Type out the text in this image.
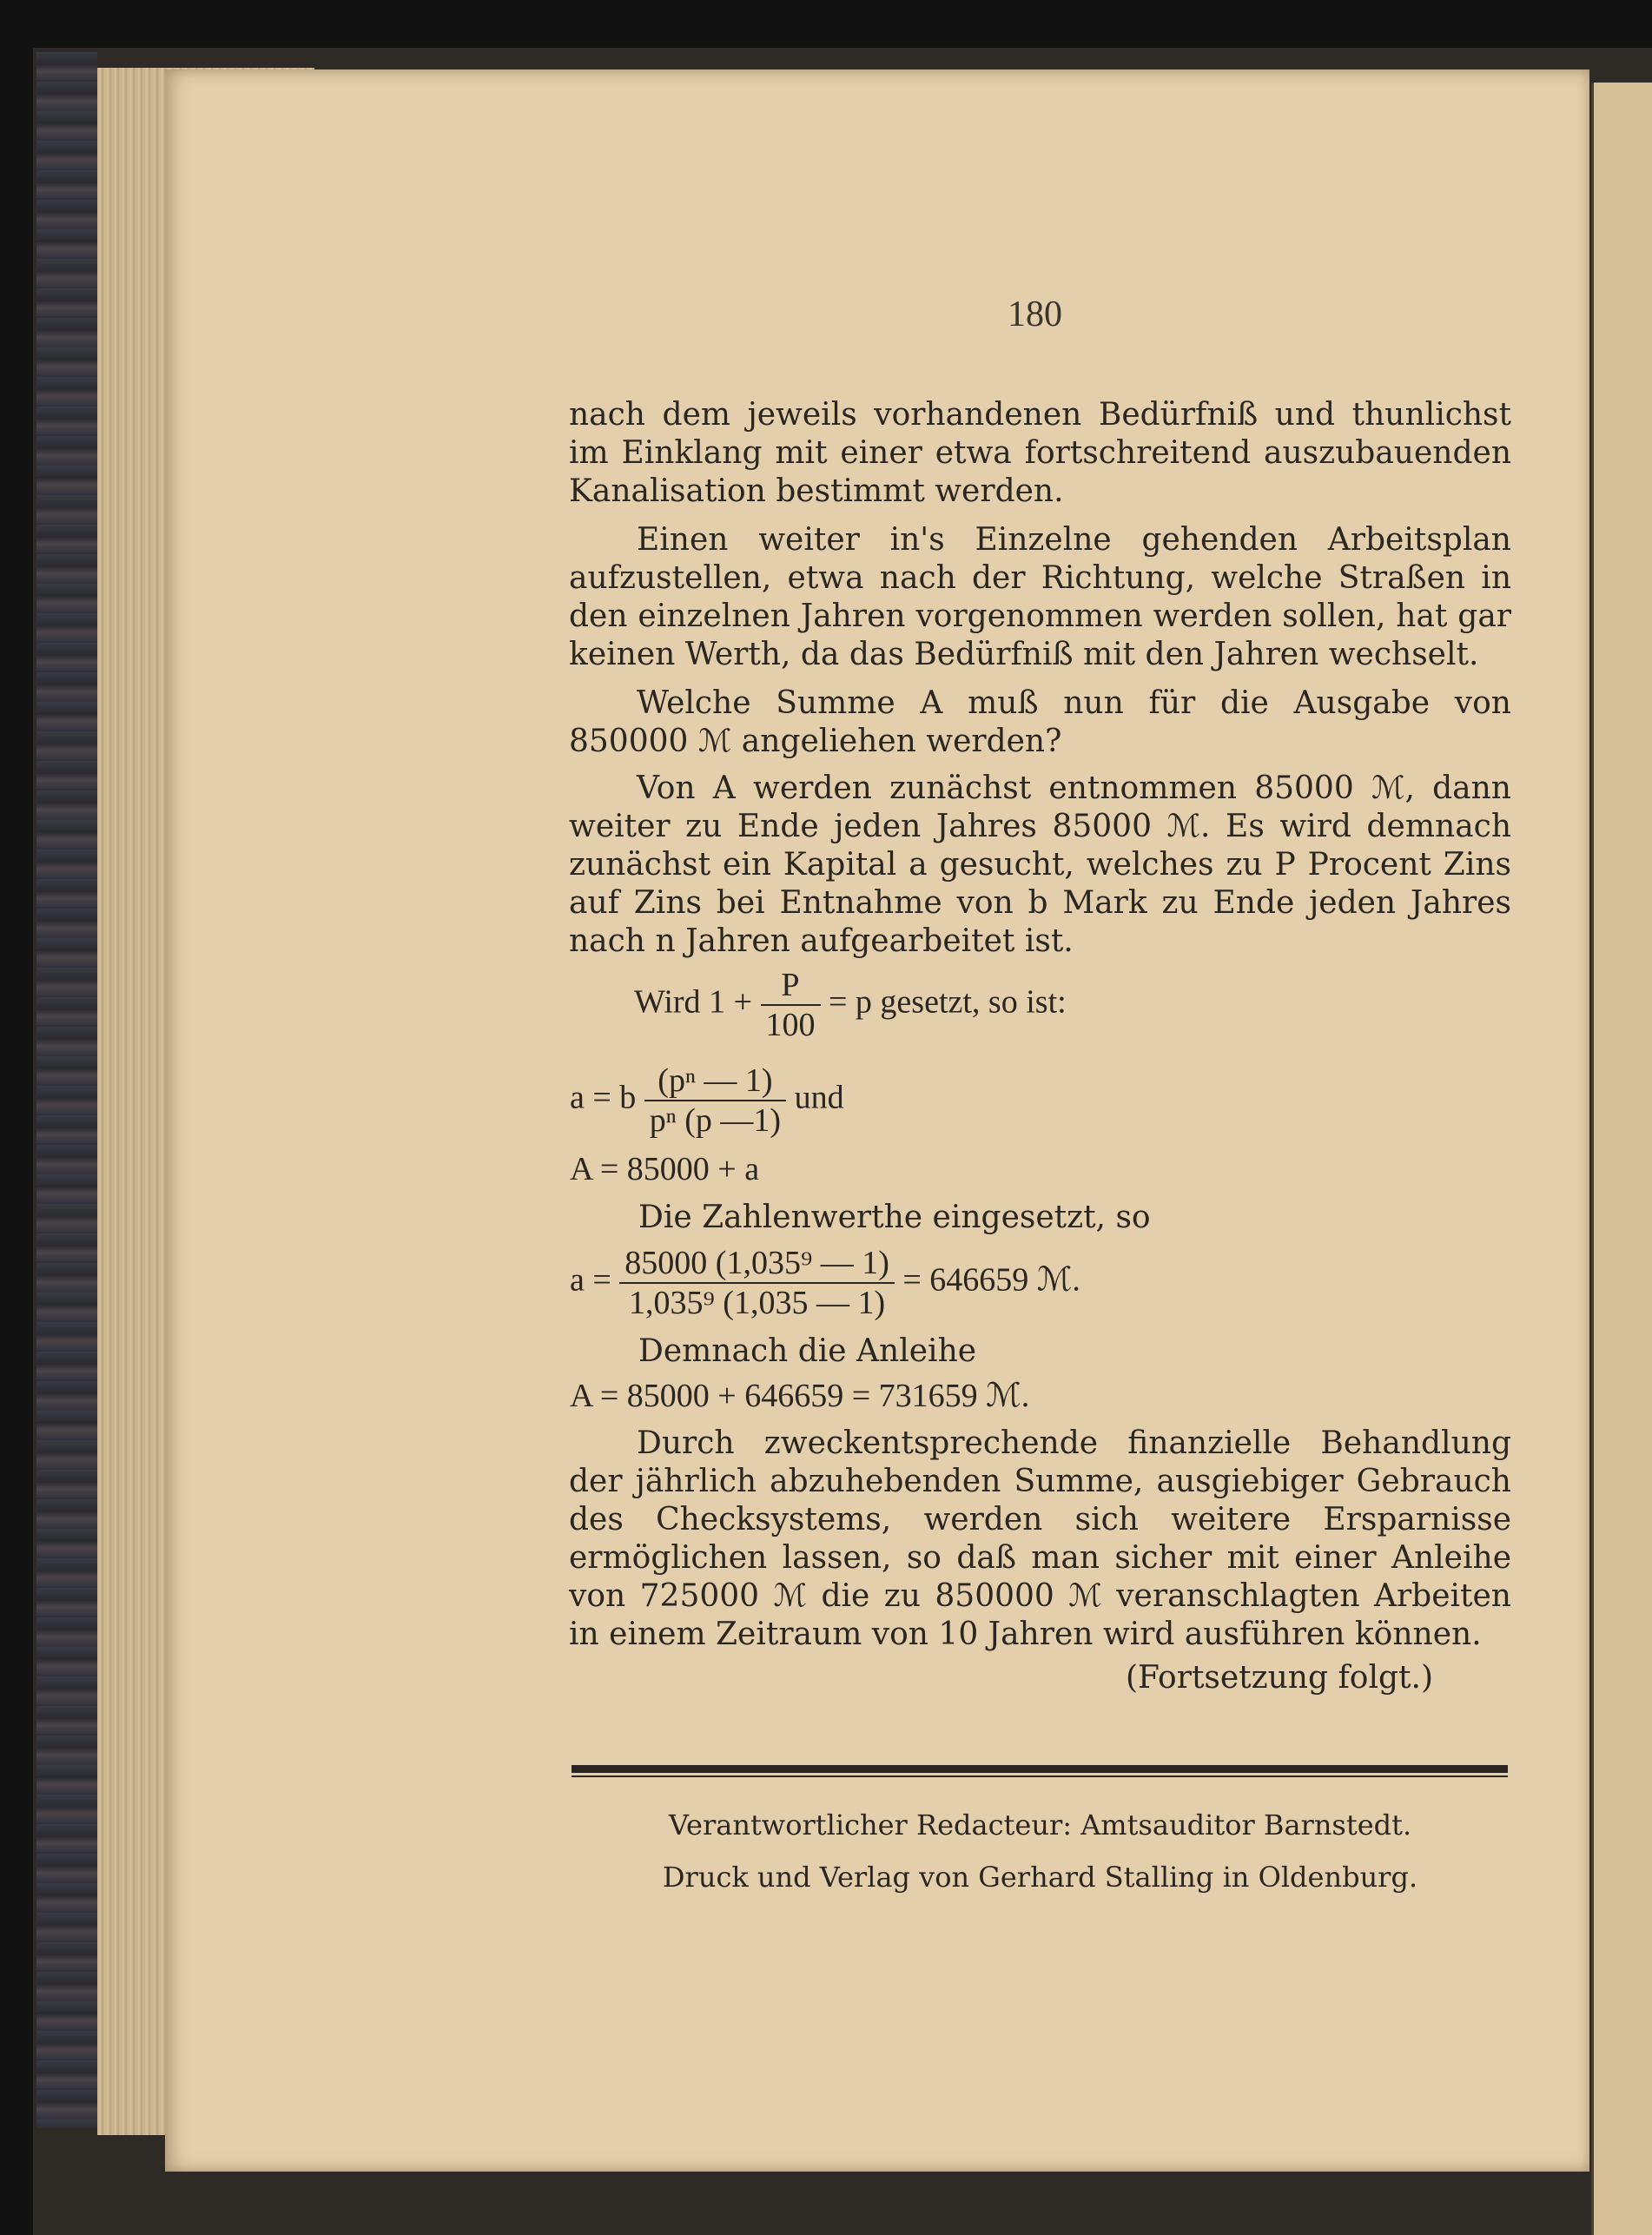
180

nach dem jeweils vorhandenen Bedürfniß und thunlichst im Einklang mit einer etwa fortschreitend auszubauenden Kanalisation bestimmt werden.

Einen weiter in's Einzelne gehenden Arbeitsplan aufzustellen, etwa nach der Richtung, welche Straßen in den einzelnen Jahren vorgenommen werden sollen, hat gar keinen Werth, da das Bedürfniß mit den Jahren wechselt.

Welche Summe A muß nun für die Ausgabe von 850000 ℳ angeliehen werden?

Von A werden zunächst entnommen 85000 ℳ, dann weiter zu Ende jeden Jahres 85000 ℳ. Es wird demnach zunächst ein Kapital a gesucht, welches zu P Procent Zins auf Zins bei Entnahme von b Mark zu Ende jeden Jahres nach n Jahren aufgearbeitet ist.

Wird $1 + \frac{P}{100} = p$ gesetzt, so ist:
a = b $\frac{\text{(pⁿ — 1)}}{\text{pⁿ (p —1)}}$ und
A = 85000 + a
Die Zahlenwerthe eingesetzt, so
$a = \frac{\text{85000 (1,035⁹ — 1)}}{\text{1,035⁹ (1,035 — 1)}} = 646659$ ℳ.
Demnach die Anleihe
A = 85000 + 646659 = 731659 ℳ.

Durch zweckentsprechende finanzielle Behandlung der jährlich abzuhebenden Summe, ausgiebiger Gebrauch des Checksystems, werden sich weitere Ersparnisse ermöglichen lassen, so daß man sicher mit einer Anleihe von 725000 ℳ die zu 850000 ℳ veranschlagten Arbeiten in einem Zeitraum von 10 Jahren wird ausführen können.

(Fortsetzung folgt.)
Verantwortlicher Redacteur: Amtsauditor Barnstedt.
Druck und Verlag von Gerhard Stalling in Oldenburg.
